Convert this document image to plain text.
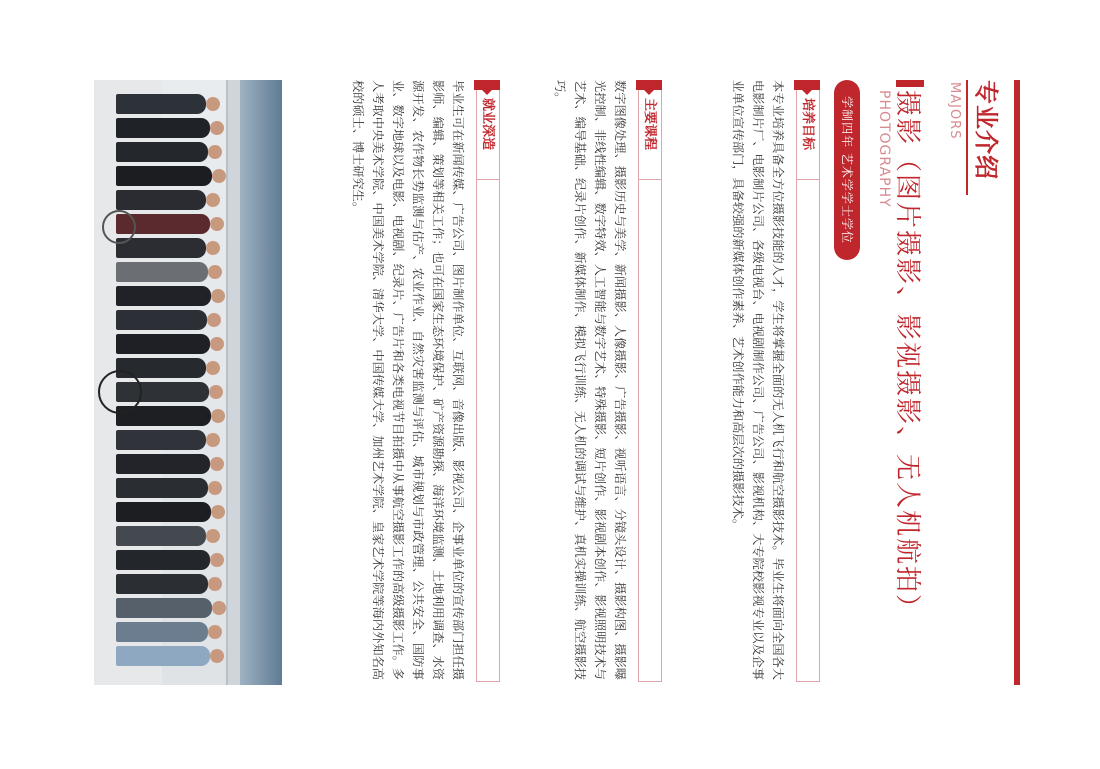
专业介绍
MAJORS
摄影（图片摄影、影视摄影、无人机航拍）
PHOTOGRAPHY
学制四年 艺术学学士学位
培养目标
本专业培养具备全方位摄影技能的人才，学生将掌握全面的无人机飞行和航空摄影技术。毕业生将面向全国各大电影制片厂、电影制片公司、各级电视台、电视剧制作公司、广告公司、影视机构、大专院校影视专业以及企事业单位宣传部门，具备较强的新媒体创作素养、艺术创作能力和高层次的摄影技术。
主要课程
数字图像处理、摄影历史与美学、新闻摄影、人像摄影、广告摄影、视听语言、分镜头设计、摄影构图、摄影曝光控制、非线性编辑、数字特效、人工智能与数字艺术、特殊摄影、短片创作、影视剧本创作、影视照明技术与艺术、编导基础、纪录片创作、新媒体制作、模拟飞行训练、无人机的调试与维护、真机实操训练、航空摄影技巧。
就业深造
毕业生可在新闻传媒、广告公司、图片制作单位、互联网、音像出版、影视公司、企事业单位的宣传部门担任摄影师、编辑、策划等相关工作；也可在国家生态环境保护、矿产资源勘探、海洋环境监测、土地利用调查、水资源开发、农作物长势监测与估产、农业作业、自然灾害监测与评估、城市规划与市政管理、公共安全、国防事业、数字地球以及电影、电视剧、纪录片、广告片和各类电视节目拍摄中从事航空摄影工作的高级摄影工作。多人考取中央美术学院、中国美术学院、清华大学、中国传媒大学、加州艺术学院、皇家艺术学院等海内外知名高校的硕士、博士研究生。
